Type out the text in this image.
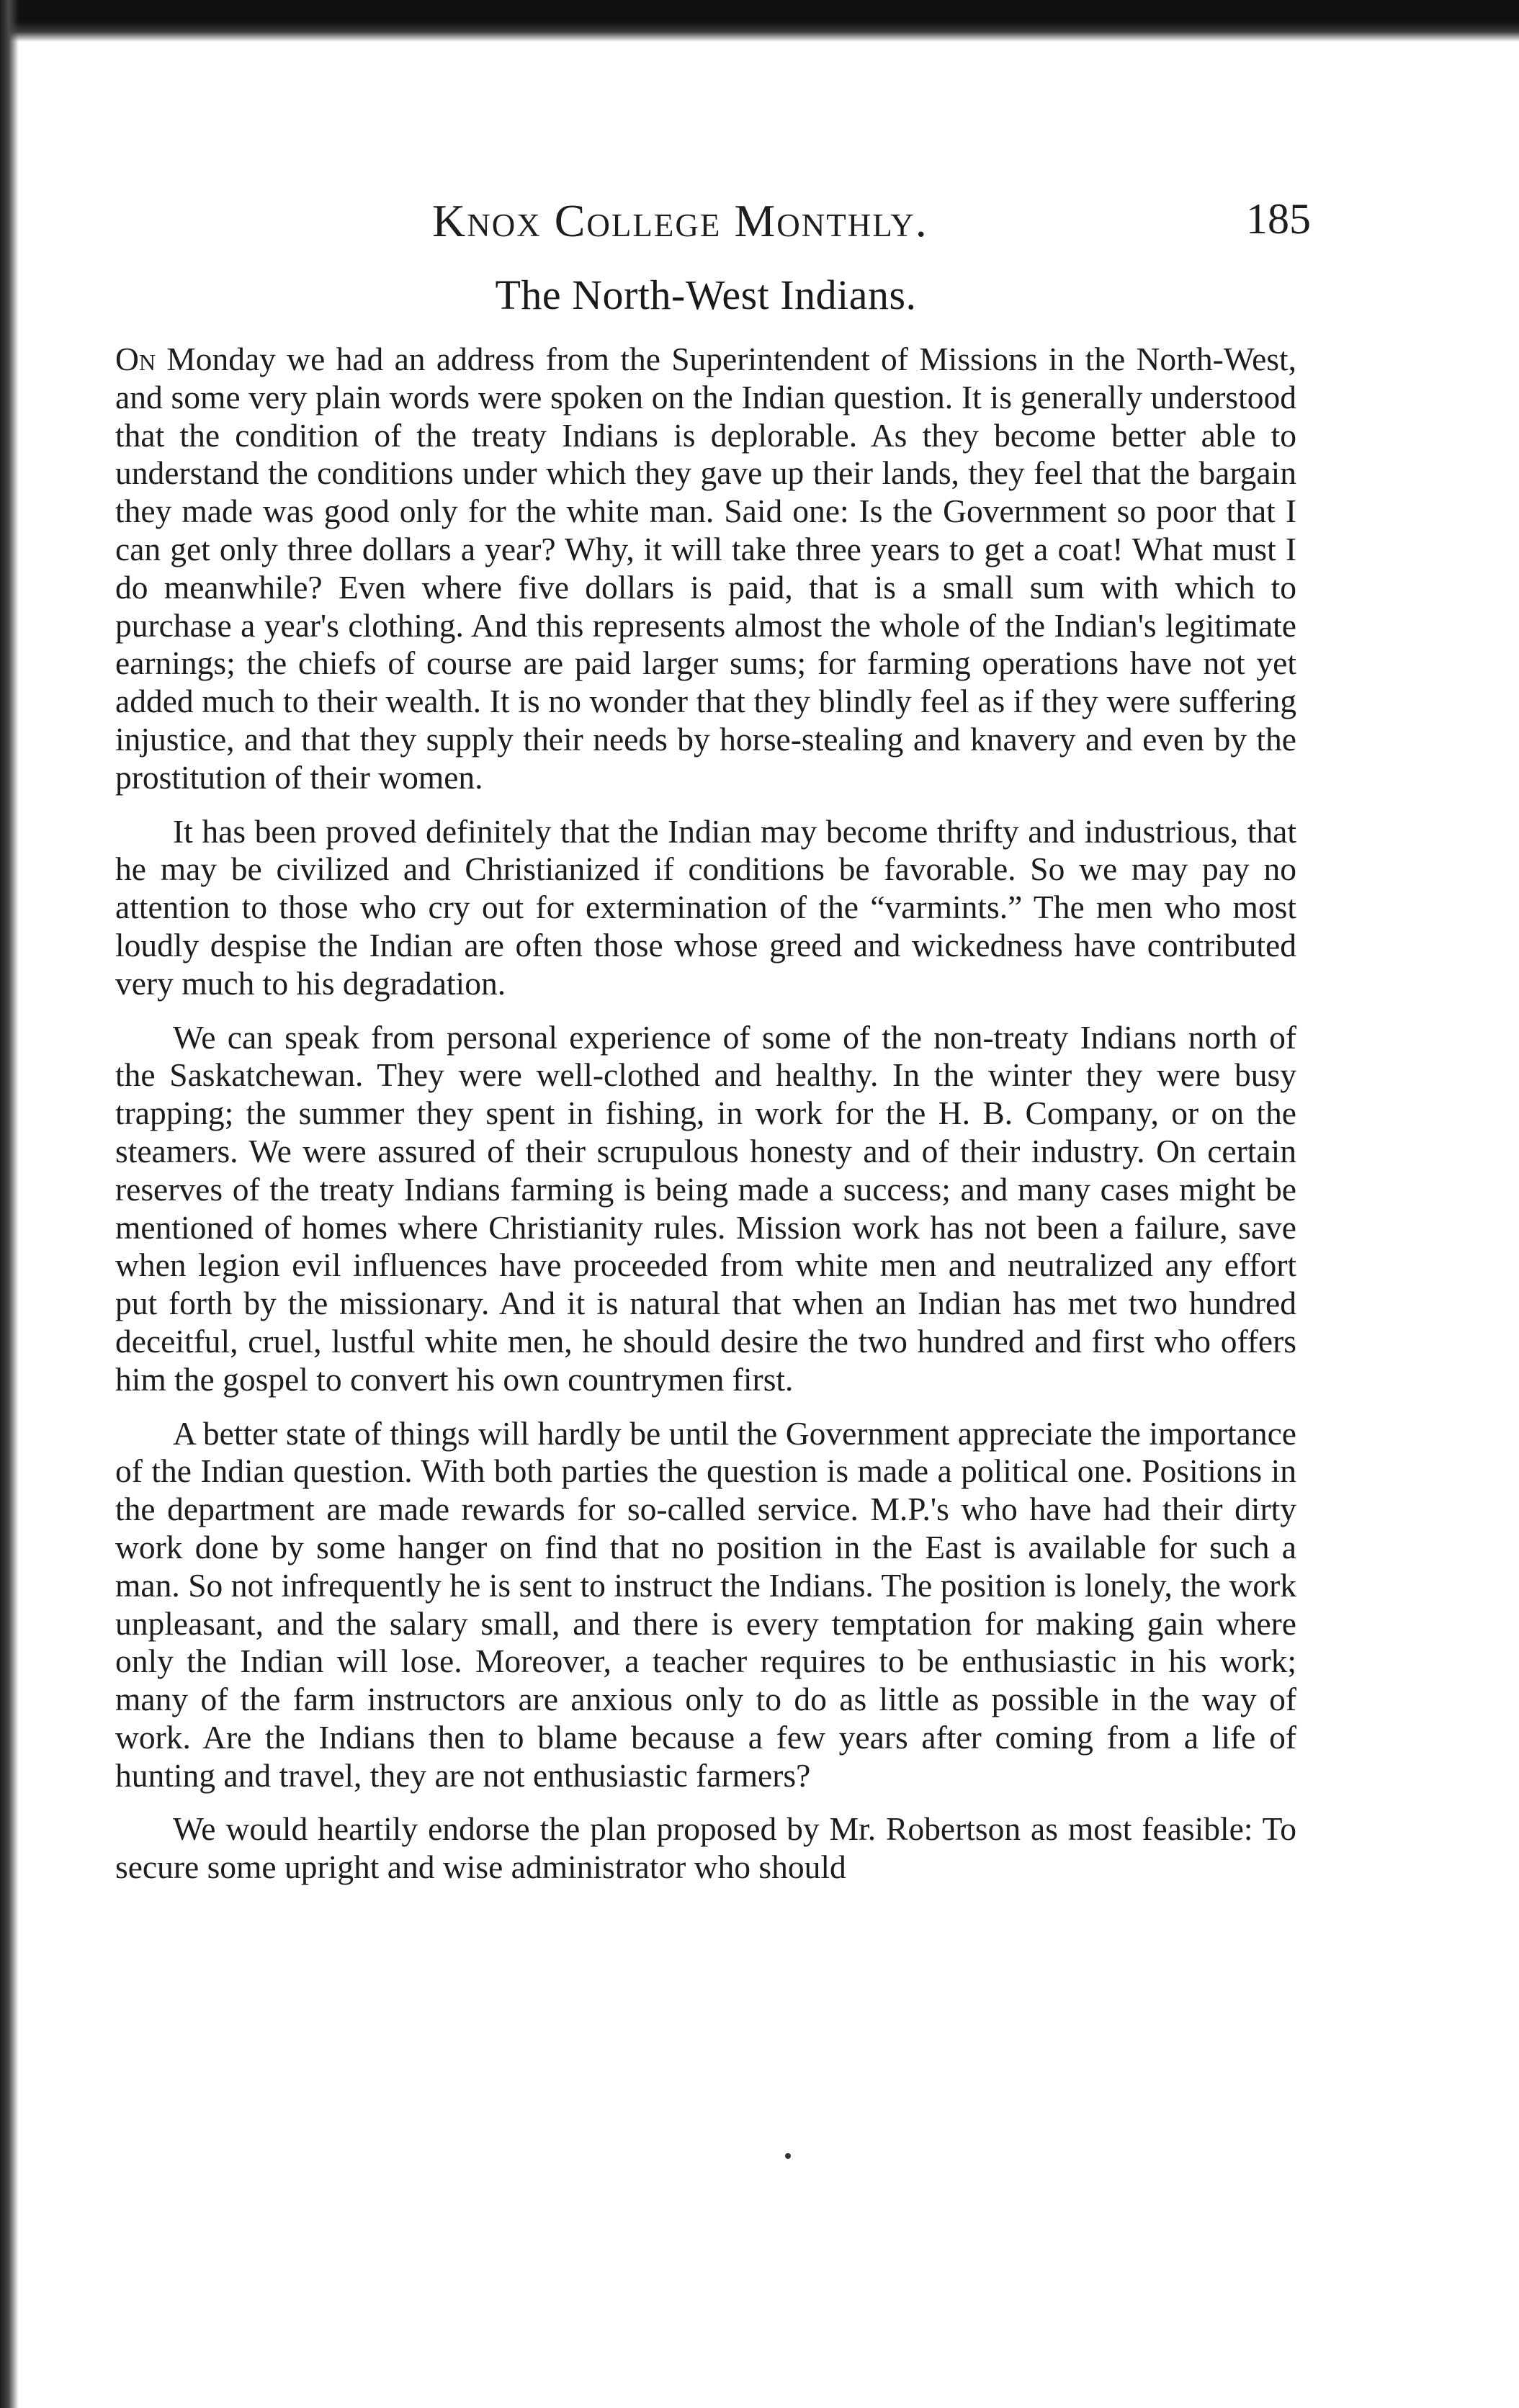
Knox College Monthly.	185
The North-West Indians.

On Monday we had an address from the Superintendent of Missions in the North-West, and some very plain words were spoken on the Indian question. It is generally understood that the condition of the treaty Indians is deplorable. As they become better able to understand the conditions under which they gave up their lands, they feel that the bargain they made was good only for the white man. Said one: Is the Government so poor that I can get only three dollars a year? Why, it will take three years to get a coat! What must I do meanwhile? Even where five dollars is paid, that is a small sum with which to purchase a year's clothing. And this represents almost the whole of the Indian's legitimate earnings; the chiefs of course are paid larger sums; for farming operations have not yet added much to their wealth. It is no wonder that they blindly feel as if they were suffering injustice, and that they supply their needs by horse-stealing and knavery and even by the prostitution of their women.

It has been proved definitely that the Indian may become thrifty and industrious, that he may be civilized and Christianized if conditions be favorable. So we may pay no attention to those who cry out for extermination of the “varmints.” The men who most loudly despise the Indian are often those whose greed and wickedness have contributed very much to his degradation.

We can speak from personal experience of some of the non-treaty Indians north of the Saskatchewan. They were well-clothed and healthy. In the winter they were busy trapping; the summer they spent in fishing, in work for the H. B. Company, or on the steamers. We were assured of their scrupulous honesty and of their industry. On certain reserves of the treaty Indians farming is being made a success; and many cases might be mentioned of homes where Christianity rules. Mission work has not been a failure, save when legion evil influences have proceeded from white men and neutralized any effort put forth by the missionary. And it is natural that when an Indian has met two hundred deceitful, cruel, lustful white men, he should desire the two hundred and first who offers him the gospel to convert his own countrymen first.

A better state of things will hardly be until the Government appreciate the importance of the Indian question. With both parties the question is made a political one. Positions in the department are made rewards for so-called service. M.P.'s who have had their dirty work done by some hanger on find that no position in the East is available for such a man. So not infrequently he is sent to instruct the Indians. The position is lonely, the work unpleasant, and the salary small, and there is every temptation for making gain where only the Indian will lose. Moreover, a teacher requires to be enthusiastic in his work; many of the farm instructors are anxious only to do as little as possible in the way of work. Are the Indians then to blame because a few years after coming from a life of hunting and travel, they are not enthusiastic farmers?

We would heartily endorse the plan proposed by Mr. Robertson as most feasible: To secure some upright and wise administrator who should
